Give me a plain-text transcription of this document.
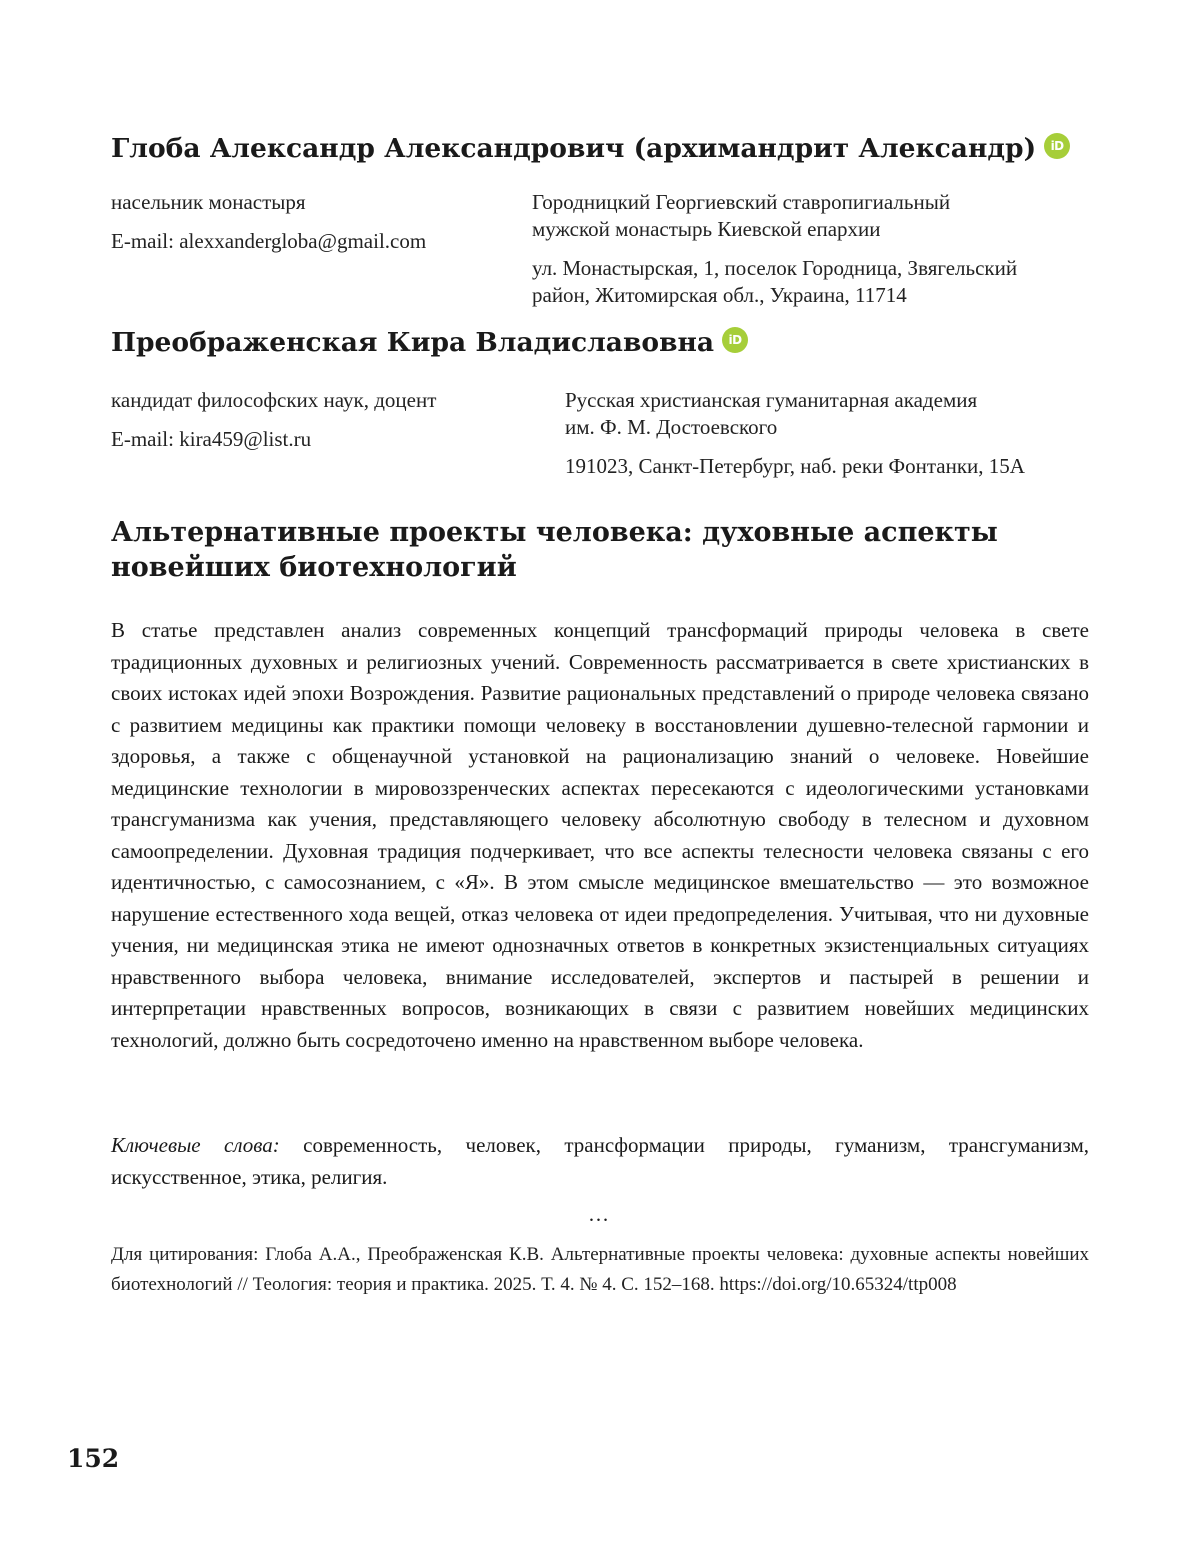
Глоба Александр Александрович (архимандрит Александр)	iD

насельник монастыря

E-mail: alexxandergloba@gmail.com

Городницкий Георгиевский ставропигиальный

мужской монастырь Киевской епархии

ул. Монастырская, 1, поселок Городница, Звягельский

район, Житомирская обл., Украина, 11714

Преображенская Кира Владиславовна	iD

кандидат философских наук, доцент

E-mail: kira459@list.ru

Русская христианская гуманитарная академия

им. Ф. М. Достоевского

191023, Санкт-Петербург, наб. реки Фонтанки, 15А

Альтернативные проекты человека: духовные аспекты новейших биотехнологий

В статье представлен анализ современных концепций трансформаций природы человека в свете традиционных духовных и религиозных учений. Современность рассматривается в све­те христианских в своих истоках идей эпохи Возрождения. Развитие рациональных представ­лений о природе человека связано с развитием медицины как практики помощи человеку в восстановлении душевно-телесной гармонии и здоровья, а также с общенаучной установкой на рационализацию знаний о человеке. Новейшие медицинские технологии в мировоззрен­ческих аспектах пересекаются с идеологическими установками трансгуманизма как учения, представляющего человеку абсолютную свободу в телесном и духовном самоопределении. Ду­ховная традиция подчеркивает, что все аспекты телесности человека связаны с его идентич­ностью, с самосознанием, с «Я». В этом смысле медицинское вмешательство — это возможное нарушение естественного хода вещей, отказ человека от идеи предопределения. Учитывая, что ни духовные учения, ни медицинская этика не имеют однозначных ответов в конкретных экзистенциальных ситуациях нравственного выбора человека, внимание исследователей, экс­пертов и пастырей в решении и интерпретации нравственных вопросов, возникающих в связи с развитием новейших медицинских технологий, должно быть сосредоточено именно на нрав­ственном выборе человека.

Ключевые слова: современность, человек, трансформации природы, гуманизм, трансгуманизм, искусственное, этика, религия.

…

Для цитирования: Глоба А.А., Преображенская К.В. Альтернативные проекты человека: духовные аспекты новейших биотехнологий // Теология: теория и практика. 2025. Т. 4. № 4. С. 152–168. https://doi.org/10.65324/ttp008

152
